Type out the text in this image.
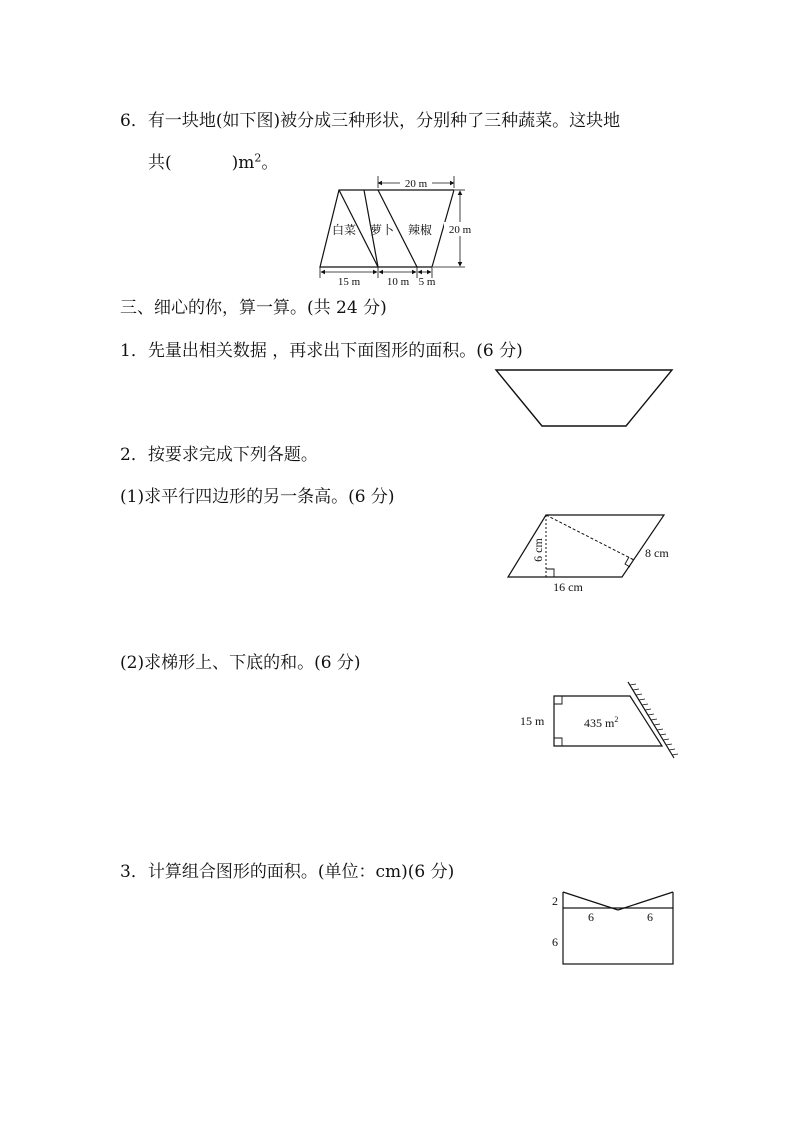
6．有一块地(如下图)被分成三种形状，分别种了三种蔬菜。这块地
共(	)$m^2$。
20 m
20 m
15 m 10 m 5 m
白菜 萝卜 辣椒
三、细心的你，算一算。(共 24 分)
1．先量出相关数据 ，再求出下面图形的面积。(6 分)
2．按要求完成下列各题。
(1)求平行四边形的另一条高。(6 分)
6 cm	8 cm
16 cm
(2)求梯形上、下底的和。(6 分)
15 m	435 $m^2$
3．计算组合图形的面积。(单位：cm)(6 分)
2
6
6	6
